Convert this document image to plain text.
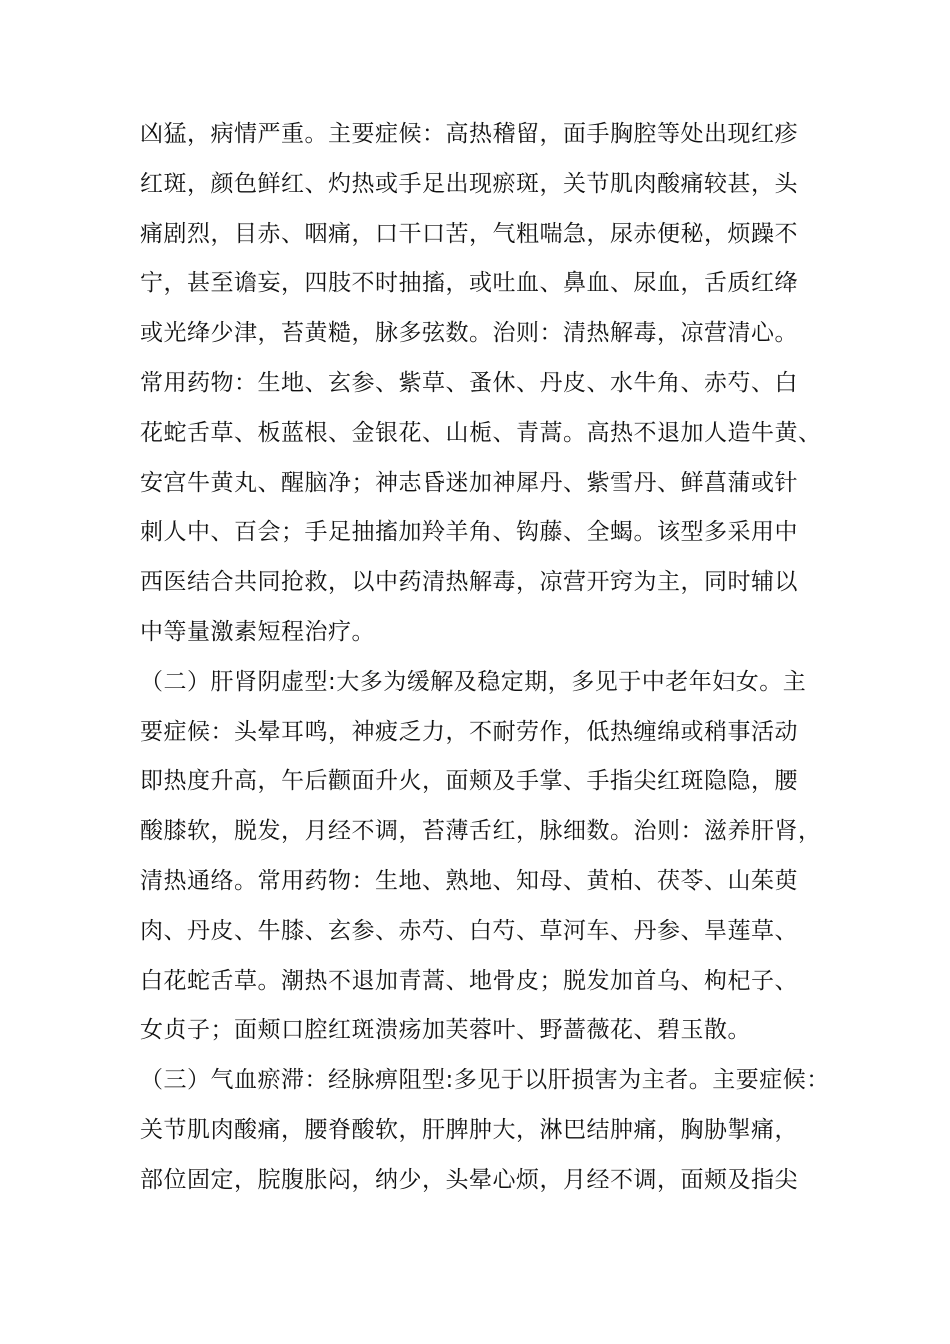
凶猛，病情严重。主要症候：高热稽留，面手胸腔等处出现红疹
红斑，颜色鲜红、灼热或手足出现瘀斑，关节肌肉酸痛较甚，头
痛剧烈，目赤、咽痛，口干口苦，气粗喘急，尿赤便秘，烦躁不
宁，甚至谵妄，四肢不时抽搐，或吐血、鼻血、尿血，舌质红绛
或光绛少津，苔黄糙，脉多弦数。治则：清热解毒，凉营清心。
常用药物：生地、玄参、紫草、蚤休、丹皮、水牛角、赤芍、白
花蛇舌草、板蓝根、金银花、山栀、青蒿。高热不退加人造牛黄、
安宫牛黄丸、醒脑净；神志昏迷加神犀丹、紫雪丹、鲜菖蒲或针
刺人中、百会；手足抽搐加羚羊角、钩藤、全蝎。该型多采用中
西医结合共同抢救，以中药清热解毒，凉营开窍为主，同时辅以
中等量激素短程治疗。
（二）肝肾阴虚型:大多为缓解及稳定期，多见于中老年妇女。主
要症候：头晕耳鸣，神疲乏力，不耐劳作，低热缠绵或稍事活动
即热度升高，午后颧面升火，面颊及手掌、手指尖红斑隐隐，腰
酸膝软，脱发，月经不调，苔薄舌红，脉细数。治则：滋养肝肾，
清热通络。常用药物：生地、熟地、知母、黄柏、茯苓、山茱萸
肉、丹皮、牛膝、玄参、赤芍、白芍、草河车、丹参、旱莲草、
白花蛇舌草。潮热不退加青蒿、地骨皮；脱发加首乌、枸杞子、
女贞子；面颊口腔红斑溃疡加芙蓉叶、野蔷薇花、碧玉散。
（三）气血瘀滞：经脉痹阻型:多见于以肝损害为主者。主要症候：
关节肌肉酸痛，腰脊酸软，肝脾肿大，淋巴结肿痛，胸胁掣痛，
部位固定，脘腹胀闷，纳少，头晕心烦，月经不调，面颊及指尖
